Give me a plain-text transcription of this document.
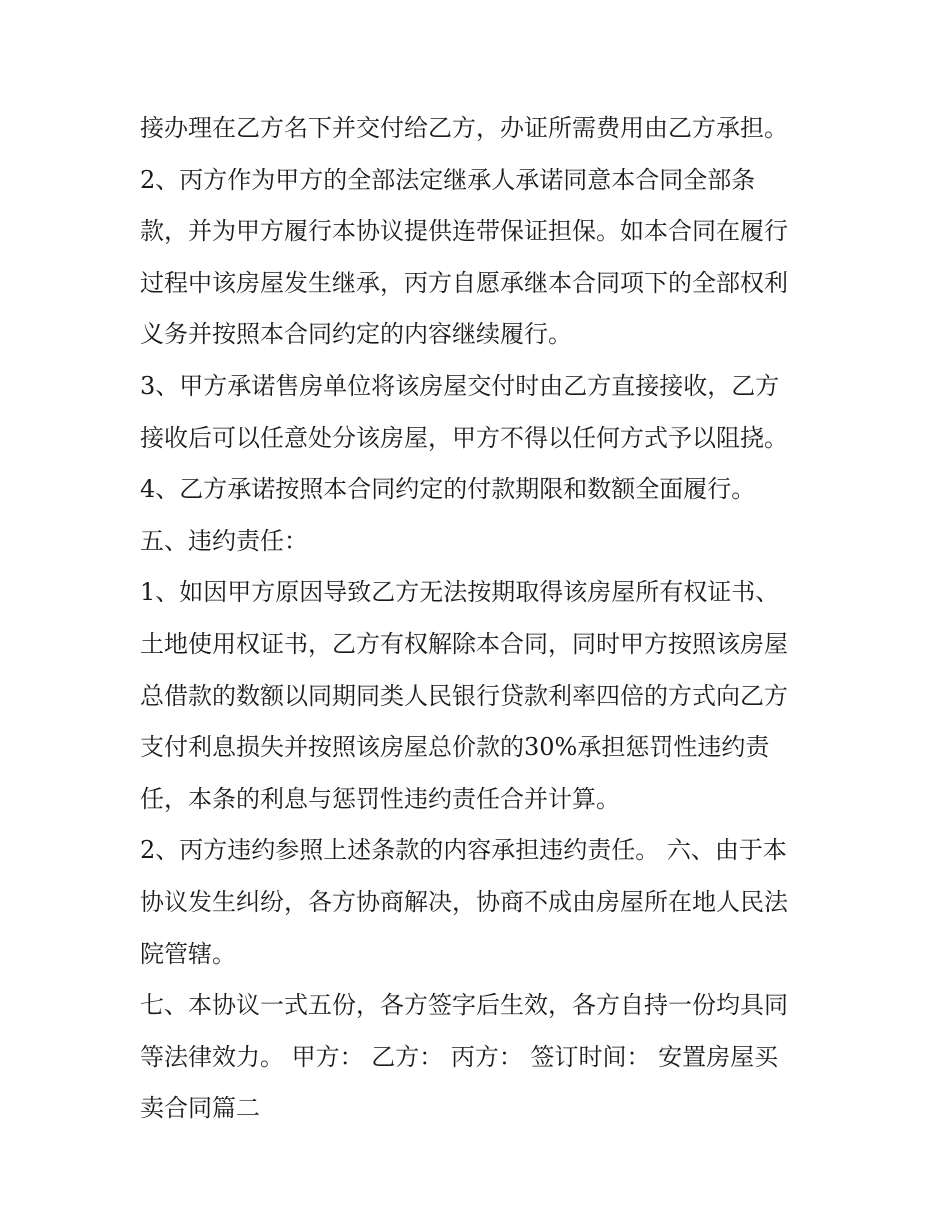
接办理在乙方名下并交付给乙方，办证所需费用由乙方承担。
2、丙方作为甲方的全部法定继承人承诺同意本合同全部条
款，并为甲方履行本协议提供连带保证担保。如本合同在履行
过程中该房屋发生继承，丙方自愿承继本合同项下的全部权利
义务并按照本合同约定的内容继续履行。
3、甲方承诺售房单位将该房屋交付时由乙方直接接收，乙方
接收后可以任意处分该房屋，甲方不得以任何方式予以阻挠。
4、乙方承诺按照本合同约定的付款期限和数额全面履行。
五、违约责任：
1、如因甲方原因导致乙方无法按期取得该房屋所有权证书、
土地使用权证书，乙方有权解除本合同，同时甲方按照该房屋
总借款的数额以同期同类人民银行贷款利率四倍的方式向乙方
支付利息损失并按照该房屋总价款的30%承担惩罚性违约责
任，本条的利息与惩罚性违约责任合并计算。
2、丙方违约参照上述条款的内容承担违约责任。 六、由于本
协议发生纠纷，各方协商解决，协商不成由房屋所在地人民法
院管辖。
七、本协议一式五份，各方签字后生效，各方自持一份均具同
等法律效力。 甲方： 乙方： 丙方： 签订时间： 安置房屋买
卖合同篇二
